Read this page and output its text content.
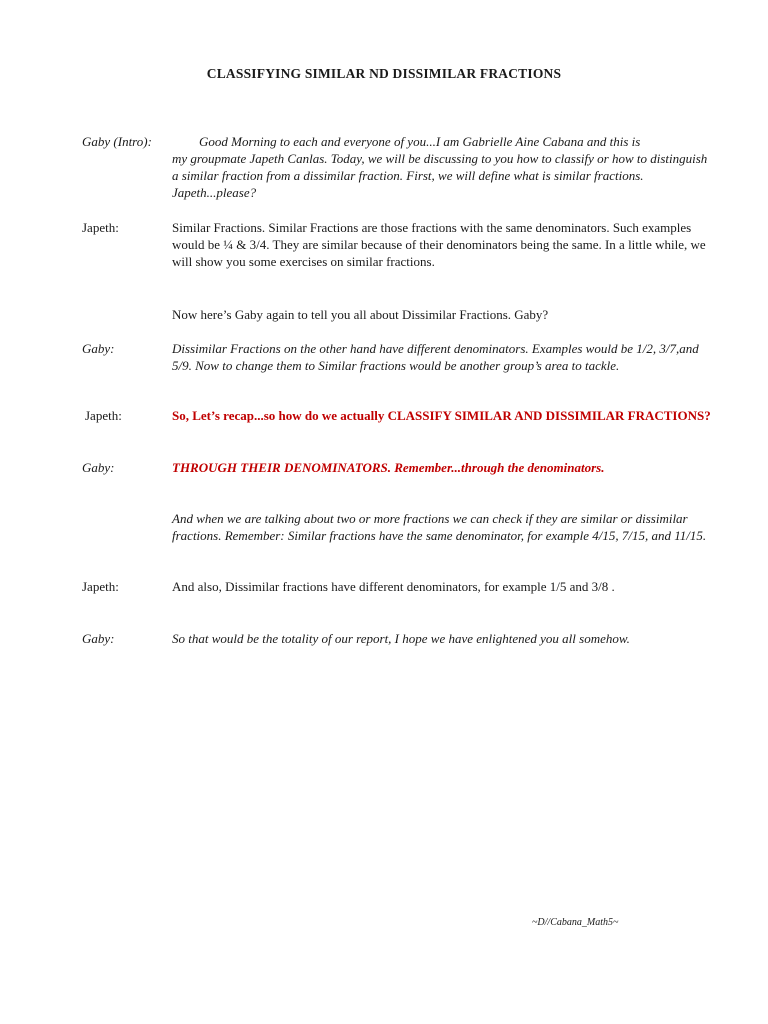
CLASSIFYING SIMILAR ND DISSIMILAR FRACTIONS
Gaby (Intro):	Good Morning to each and everyone of you...I am Gabrielle Aine Cabana and this is
my groupmate Japeth Canlas. Today, we will be discussing to you how to classify or how to distinguish a similar fraction from a dissimilar fraction. First, we will define what is similar fractions. Japeth...please?
Japeth:	Similar Fractions. Similar Fractions are those fractions with the same denominators. Such examples would be ¼ & 3/4. They are similar because of their denominators being the same. In a little while, we will show you some exercises on similar fractions.
Now here’s Gaby again to tell you all about Dissimilar Fractions. Gaby?
Gaby:	Dissimilar Fractions on the other hand have different denominators. Examples would be 1/2, 3/7,and 5/9. Now to change them to Similar fractions would be another group’s area to tackle.
Japeth:	So, Let’s recap...so how do we actually CLASSIFY SIMILAR AND DISSIMILAR FRACTIONS?
Gaby:	THROUGH THEIR DENOMINATORS. Remember...through the denominators.
And when we are talking about two or more fractions we can check if they are similar or dissimilar fractions. Remember: Similar fractions have the same denominator, for example 4/15, 7/15, and 11/15.
Japeth:	And also, Dissimilar fractions have different denominators, for example 1/5 and 3/8 .
Gaby:	So that would be the totality of our report, I hope we have enlightened you all somehow.
~D//Cabana_Math5~
